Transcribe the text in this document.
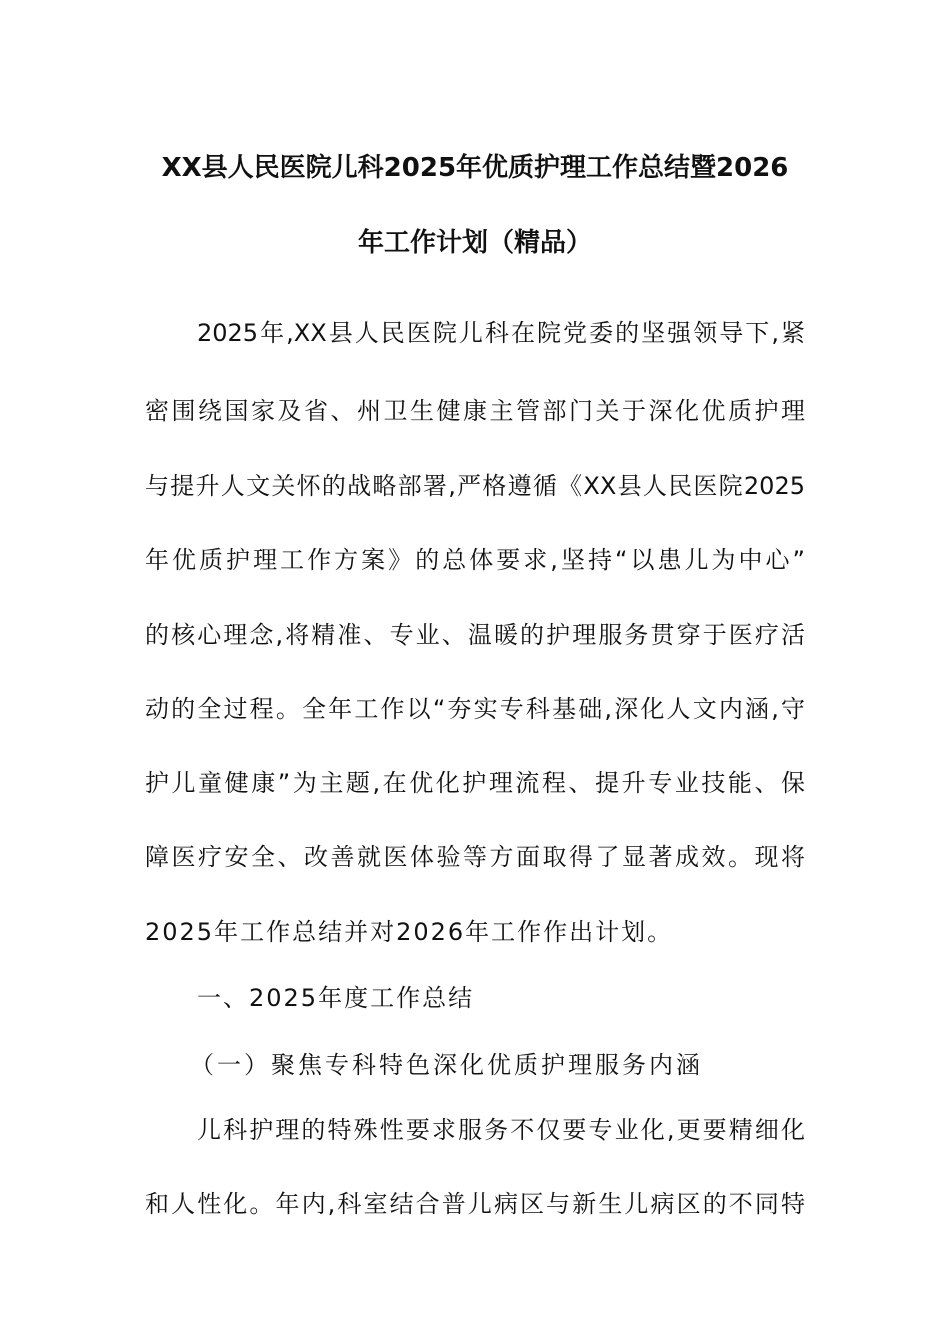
XX县人民医院儿科2025年优质护理工作总结暨2026
年工作计划（精品）
2025年,XX县人民医院儿科在院党委的坚强领导下,紧
密围绕国家及省、州卫生健康主管部门关于深化优质护理
与提升人文关怀的战略部署,严格遵循《XX县人民医院2025
年优质护理工作方案》的总体要求,坚持“以患儿为中心”
的核心理念,将精准、专业、温暖的护理服务贯穿于医疗活
动的全过程。全年工作以“夯实专科基础,深化人文内涵,守
护儿童健康”为主题,在优化护理流程、提升专业技能、保
障医疗安全、改善就医体验等方面取得了显著成效。现将
2025年工作总结并对2026年工作作出计划。
一、2025年度工作总结
（一）聚焦专科特色深化优质护理服务内涵
儿科护理的特殊性要求服务不仅要专业化,更要精细化
和人性化。年内,科室结合普儿病区与新生儿病区的不同特
